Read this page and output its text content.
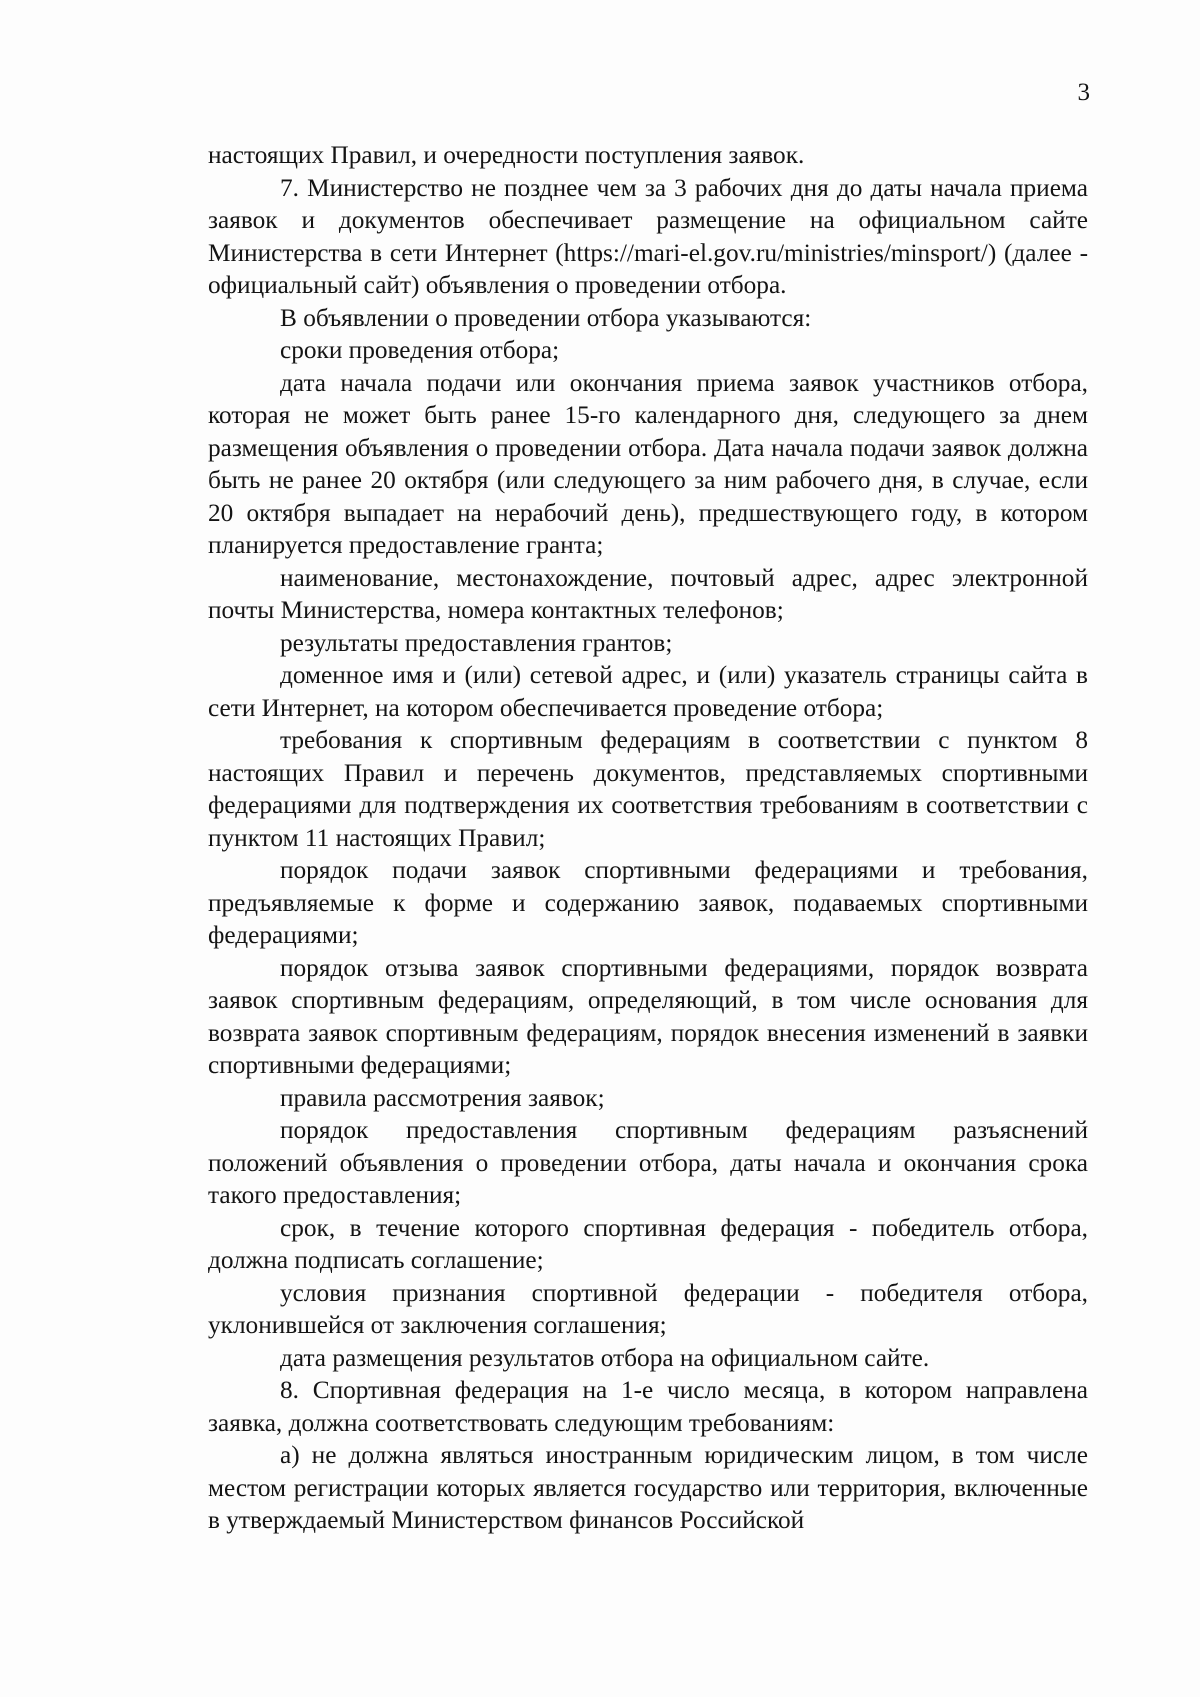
3

настоящих Правил, и очередности поступления заявок.

7. Министерство не позднее чем за 3 рабочих дня до даты начала приема заявок и документов обеспечивает размещение на официальном сайте Министерства в сети Интернет (https://mari-el.gov.ru/ministries/minsport/) (далее - официальный сайт) объявления о проведении отбора.

В объявлении о проведении отбора указываются:

сроки проведения отбора;

дата начала подачи или окончания приема заявок участников отбора, которая не может быть ранее 15-го календарного дня, следующего за днем размещения объявления о проведении отбора. Дата начала подачи заявок должна быть не ранее 20 октября (или следующего за ним рабочего дня, в случае, если 20 октября выпадает на нерабочий день), предшествующего году, в котором планируется предоставление гранта;

наименование, местонахождение, почтовый адрес, адрес электронной почты Министерства, номера контактных телефонов;

результаты предоставления грантов;

доменное имя и (или) сетевой адрес, и (или) указатель страницы сайта в сети Интернет, на котором обеспечивается проведение отбора;

требования к спортивным федерациям в соответствии с пунктом 8 настоящих Правил и перечень документов, представляемых спортивными федерациями для подтверждения их соответствия требованиям в соответствии с пунктом 11 настоящих Правил;

порядок подачи заявок спортивными федерациями и требования, предъявляемые к форме и содержанию заявок, подаваемых спортивными федерациями;

порядок отзыва заявок спортивными федерациями, порядок возврата заявок спортивным федерациям, определяющий, в том числе основания для возврата заявок спортивным федерациям, порядок внесения изменений в заявки спортивными федерациями;

правила рассмотрения заявок;

порядок предоставления спортивным федерациям разъяснений положений объявления о проведении отбора, даты начала и окончания срока такого предоставления;

срок, в течение которого спортивная федерация - победитель отбора, должна подписать соглашение;

условия признания спортивной федерации - победителя отбора, уклонившейся от заключения соглашения;

дата размещения результатов отбора на официальном сайте.

8. Спортивная федерация на 1-е число месяца, в котором направлена заявка, должна соответствовать следующим требованиям:

а) не должна являться иностранным юридическим лицом, в том числе местом регистрации которых является государство или территория, включенные в утверждаемый Министерством финансов Российской
